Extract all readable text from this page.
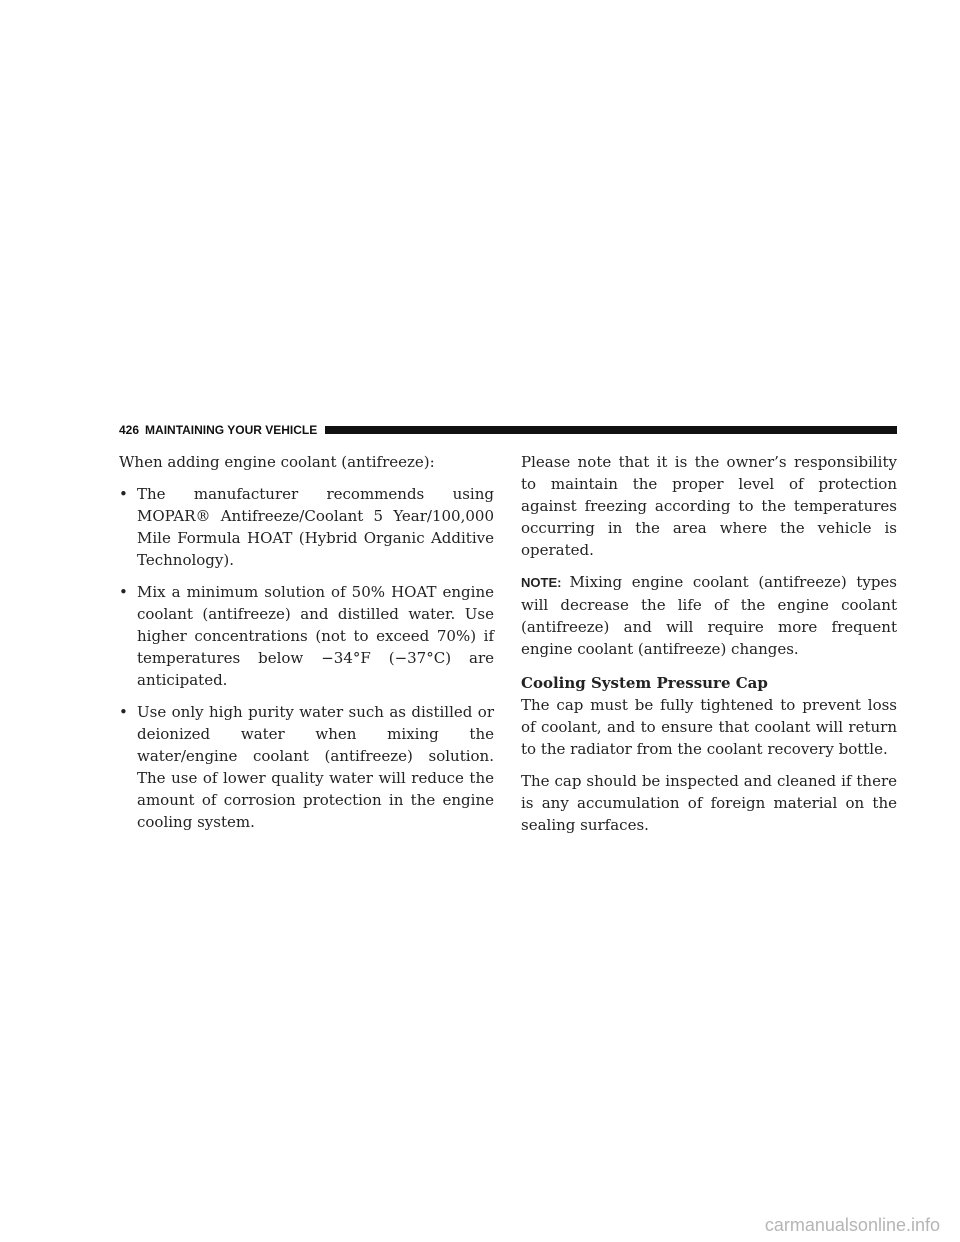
426 MAINTAINING YOUR VEHICLE

When adding engine coolant (antifreeze):

• The manufacturer recommends using MOPAR® Antifreeze/Coolant 5 Year/100,000 Mile Formula HOAT (Hybrid Organic Additive Technology).
• Mix a minimum solution of 50% HOAT engine coolant (antifreeze) and distilled water. Use higher concentrations (not to exceed 70%) if temperatures below −34°F (−37°C) are anticipated.
• Use only high purity water such as distilled or deionized water when mixing the water/engine coolant (antifreeze) solution. The use of lower quality water will reduce the amount of corrosion protection in the engine cooling system.

Please note that it is the owner’s responsibility to maintain the proper level of protection against freezing according to the temperatures occurring in the area where the vehicle is operated.

NOTE: Mixing engine coolant (antifreeze) types will decrease the life of the engine coolant (antifreeze) and will require more frequent engine coolant (antifreeze) changes.

Cooling System Pressure Cap

The cap must be fully tightened to prevent loss of coolant, and to ensure that coolant will return to the radiator from the coolant recovery bottle.

The cap should be inspected and cleaned if there is any accumulation of foreign material on the sealing surfaces.

carmanualsonline.info
